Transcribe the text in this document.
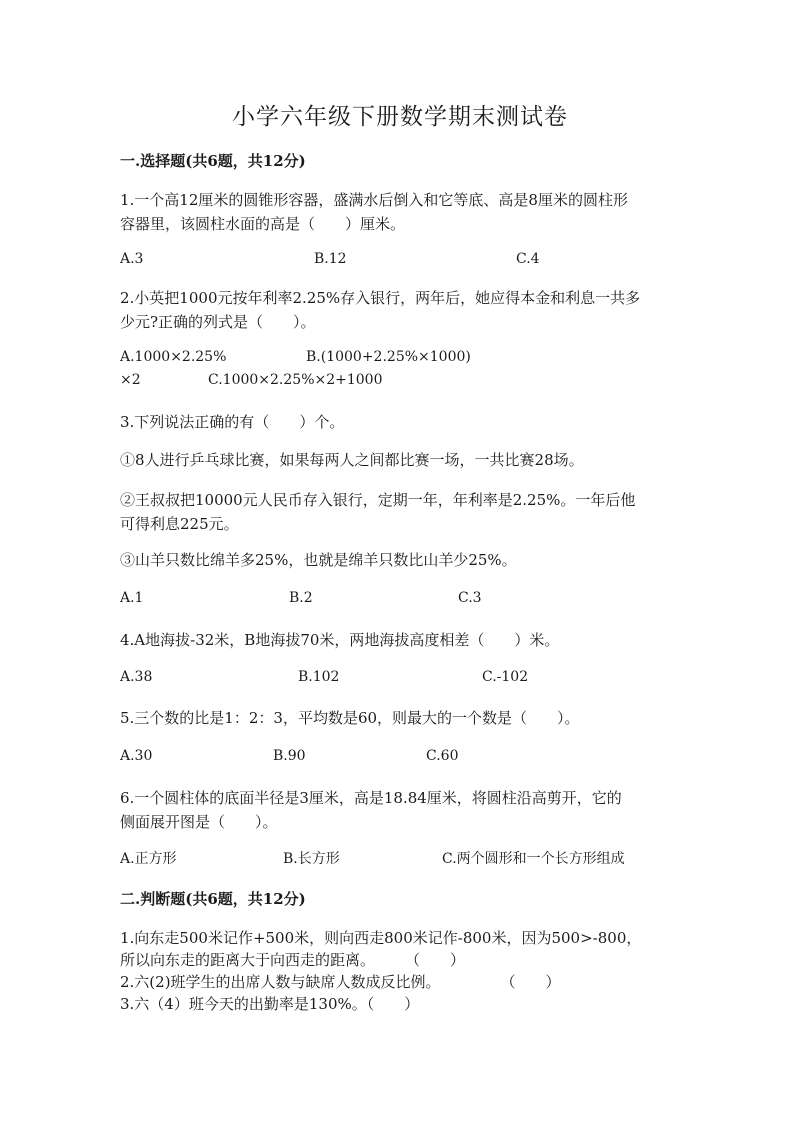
小学六年级下册数学期末测试卷
一.选择题(共6题，共12分)
1.一个高12厘米的圆锥形容器，盛满水后倒入和它等底、高是8厘米的圆柱形
容器里，该圆柱水面的高是（　　）厘米。
A.3	B.12	C.4
2.小英把1000元按年利率2.25%存入银行，两年后，她应得本金和利息一共多
少元?正确的列式是（　　）。
A.1000×2.25%	B.(1000+2.25%×1000)
×2	C.1000×2.25%×2+1000
3.下列说法正确的有（　　）个。
①8人进行乒乓球比赛，如果每两人之间都比赛一场，一共比赛28场。
②王叔叔把10000元人民币存入银行，定期一年，年利率是2.25%。一年后他
可得利息225元。
③山羊只数比绵羊多25%，也就是绵羊只数比山羊少25%。
A.1	B.2	C.3
4.A地海拔-32米，B地海拔70米，两地海拔高度相差（　　）米。
A.38	B.102	C.-102
5.三个数的比是1：2：3，平均数是60，则最大的一个数是（　　）。
A.30	B.90	C.60
6.一个圆柱体的底面半径是3厘米，高是18.84厘米，将圆柱沿高剪开，它的
侧面展开图是（　　）。
A.正方形	B.长方形	C.两个圆形和一个长方形组成
二.判断题(共6题，共12分)
1.向东走500米记作+500米，则向西走800米记作-800米，因为500>-800，
所以向东走的距离大于向西走的距离。　　　（　　）
2.六(2)班学生的出席人数与缺席人数成反比例。　　　　　（　　）
3.六（4）班今天的出勤率是130%。（　　）
